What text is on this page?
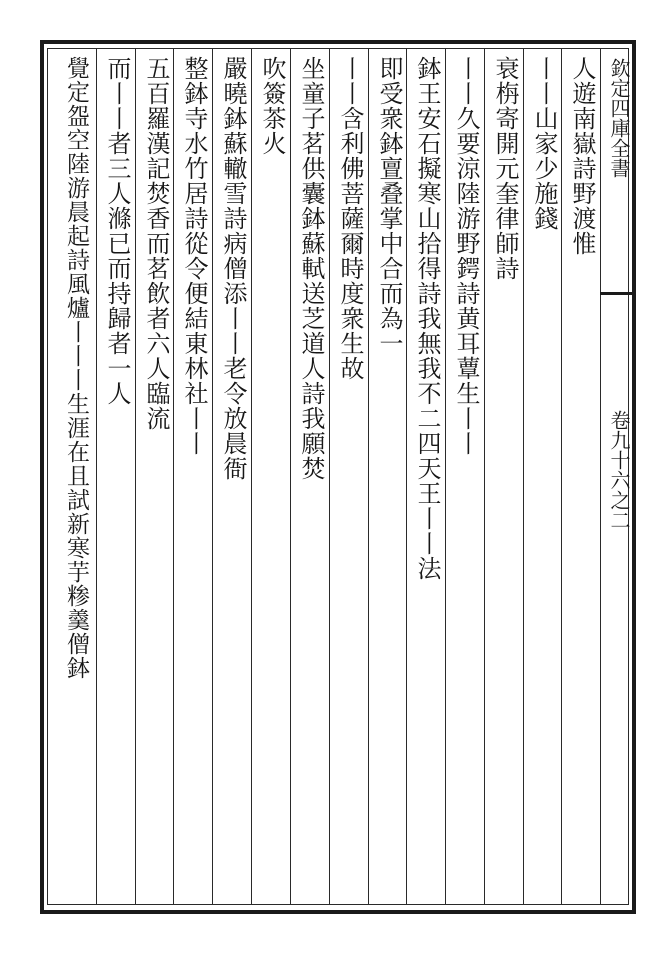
欽定四庫全書
卷九十六之二
人遊南嶽詩野渡惟
丨丨山家少施錢
衰栴寄開元奎律師詩
丨丨久要涼陸游野鍔詩黄耳蕈生丨丨
鉢王安石擬寒山拾得詩我無我不二四天王丨丨法
即受衆鉢亶叠掌中合而為一
丨丨含利佛菩薩爾時度衆生故
坐童子茗供囊鉢蘇軾送芝道人詩我願焚
吹簽茶火
嚴曉鉢蘇轍雪詩病僧添丨丨老令放晨衙
整鉢寺水竹居詩從令便結東林社丨丨
五百羅漢記焚香而茗飲者六人臨流
而丨丨者三人滌已而持歸者一人
覺定盌空陸游晨起詩風爐丨丨丨生涯在且試新寒芋糁羹僧鉢
